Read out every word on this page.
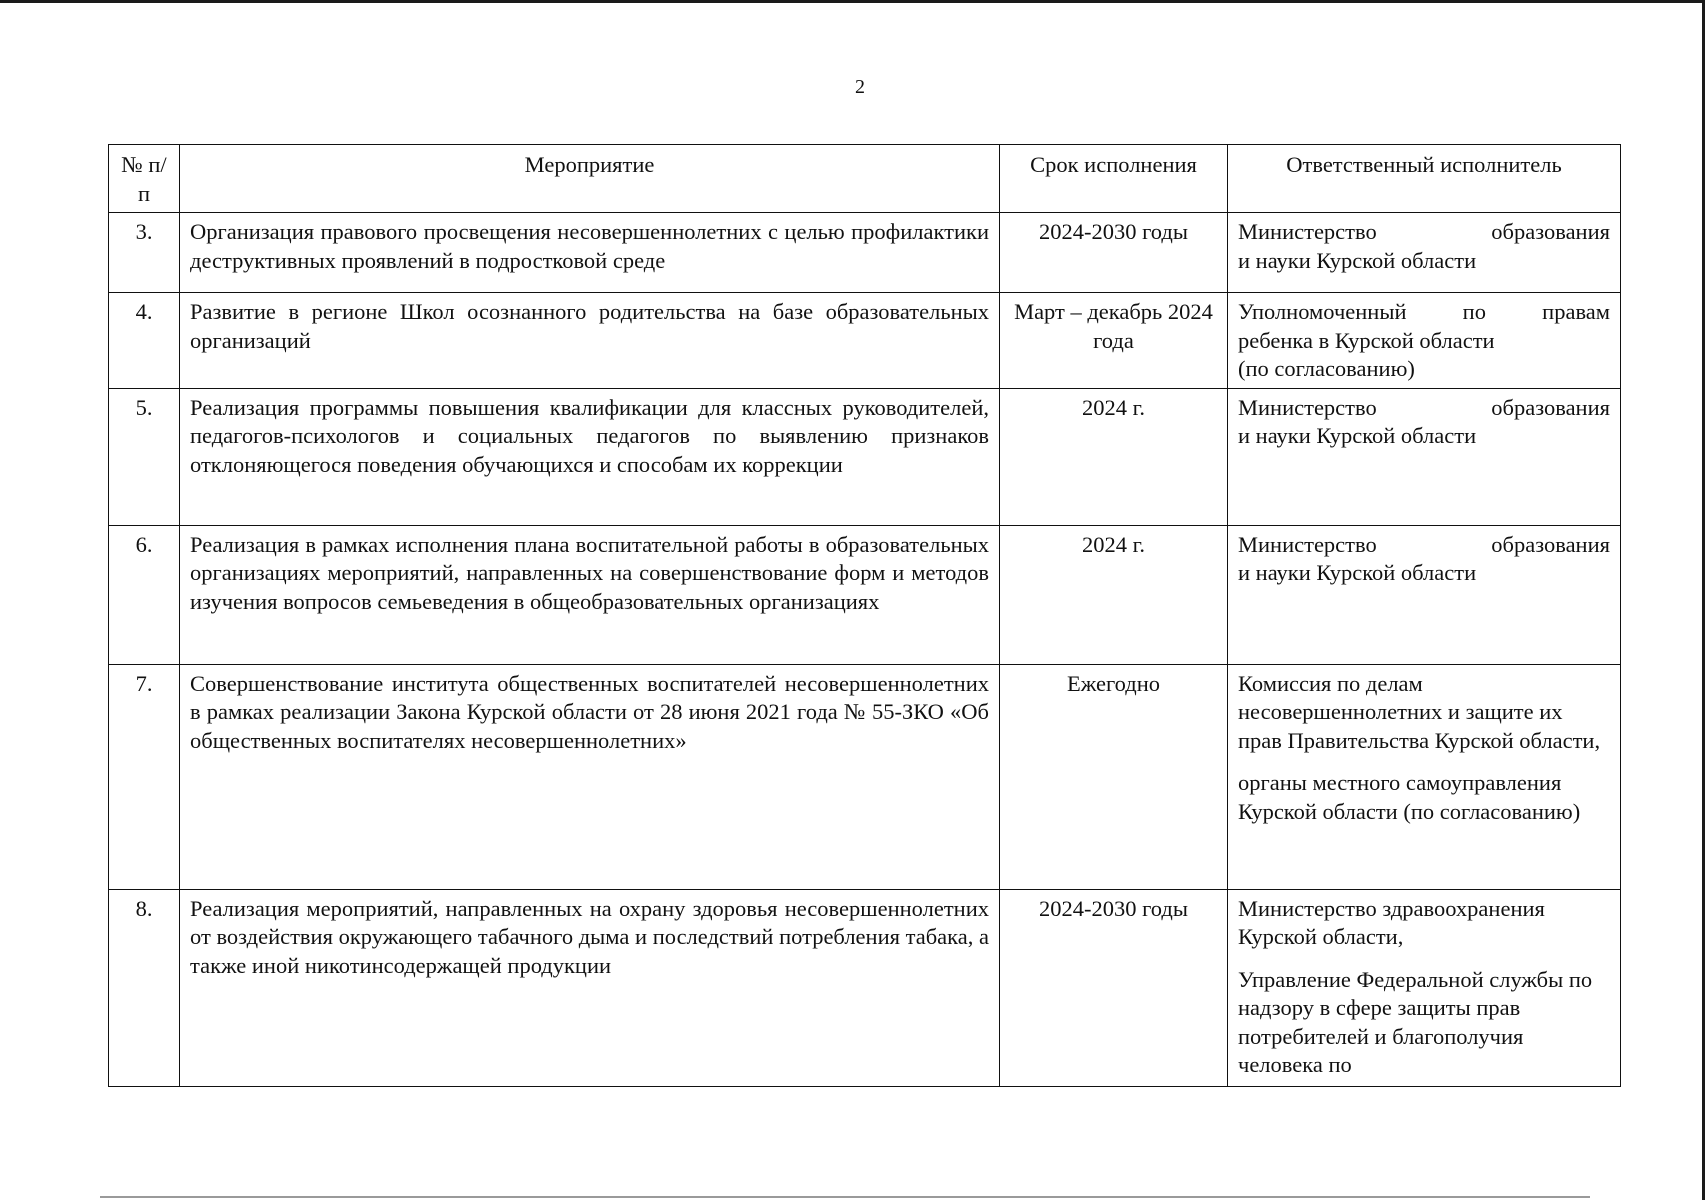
2
№ п/п	Мероприятие	Срок исполнения	Ответственный исполнитель
3.	Организация правового просвещения несовершеннолетних с целью профилактики деструктивных проявлений в подростковой среде	2024-2030 годы	Министерство образования
и науки Курской области

4.	Развитие в регионе Школ осознанного родительства на базе образовательных организаций	Март – декабрь 2024 года	Уполномоченный по правам
ребенка в Курской области
(по согласованию)

5.	Реализация программы повышения квалификации для классных руководителей, педагогов-психологов и социальных педагогов по выявлению признаков отклоняющегося поведения обучающихся и способам их коррекции	2024 г.	Министерство образования
и науки Курской области

6.	Реализация в рамках исполнения плана воспитательной работы в образовательных организациях мероприятий, направленных на совершенствование форм и методов изучения вопросов семьеведения в общеобразовательных организациях	2024 г.	Министерство образования
и науки Курской области

7.	Совершенствование института общественных воспитателей несовершеннолетних в рамках реализации Закона Курской области от 28 июня 2021 года № 55-ЗКО «Об общественных воспитателях несовершеннолетних»	Ежегодно	Комиссия по делам несовершеннолетних и защите их прав Правительства Курской области,
органы местного самоуправления Курской области (по согласованию)

8.	Реализация мероприятий, направленных на охрану здоровья несовершеннолетних от воздействия окружающего табачного дыма и последствий потребления табака, а также иной никотинсодержащей продукции	2024-2030 годы	Министерство здравоохранения Курской области,
Управление Федеральной службы по надзору в сфере защиты прав потребителей и благополучия человека по
